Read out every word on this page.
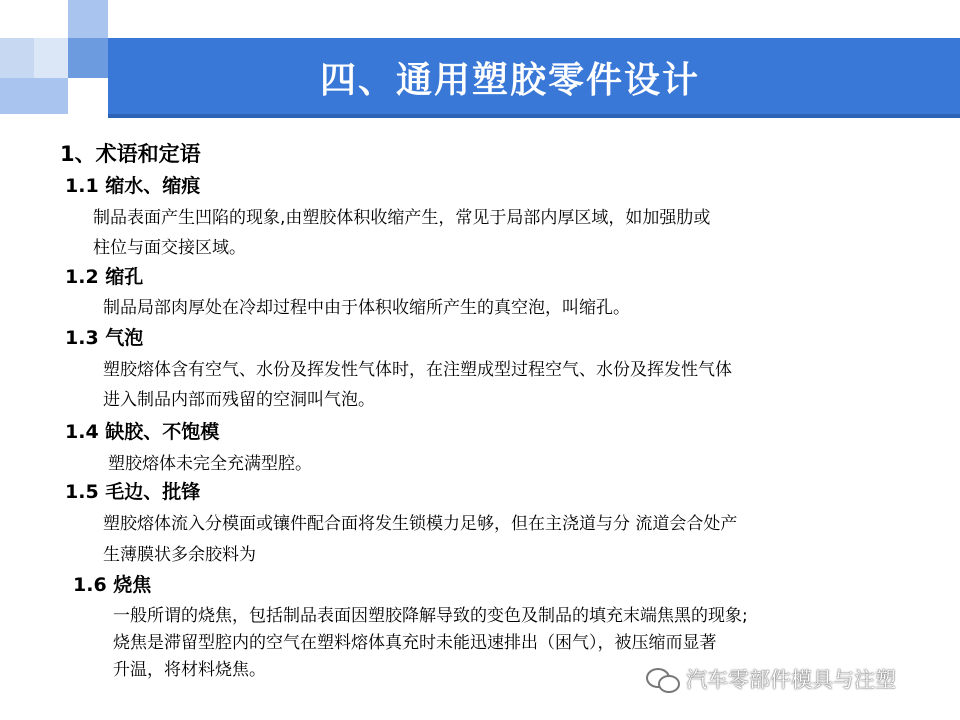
四、通用塑胶零件设计
1、术语和定语
1.1 缩水、缩痕
制品表面产生凹陷的现象,由塑胶体积收缩产生，常见于局部内厚区域，如加强肋或
柱位与面交接区域。
1.2 缩孔
制品局部肉厚处在冷却过程中由于体积收缩所产生的真空泡，叫缩孔。
1.3 气泡
塑胶熔体含有空气、水份及挥发性气体时，在注塑成型过程空气、水份及挥发性气体
进入制品内部而残留的空洞叫气泡。
1.4 缺胶、不饱模
塑胶熔体未完全充满型腔。
1.5 毛边、批锋
塑胶熔体流入分模面或镶件配合面将发生锁模力足够，但在主浇道与分 流道会合处产
生薄膜状多余胶料为
1.6 烧焦
一般所谓的烧焦，包括制品表面因塑胶降解导致的变色及制品的填充末端焦黑的现象;
烧焦是滞留型腔内的空气在塑料熔体真充时未能迅速排出（困气），被压缩而显著
升温，将材料烧焦。	汽车零部件模具与注塑
